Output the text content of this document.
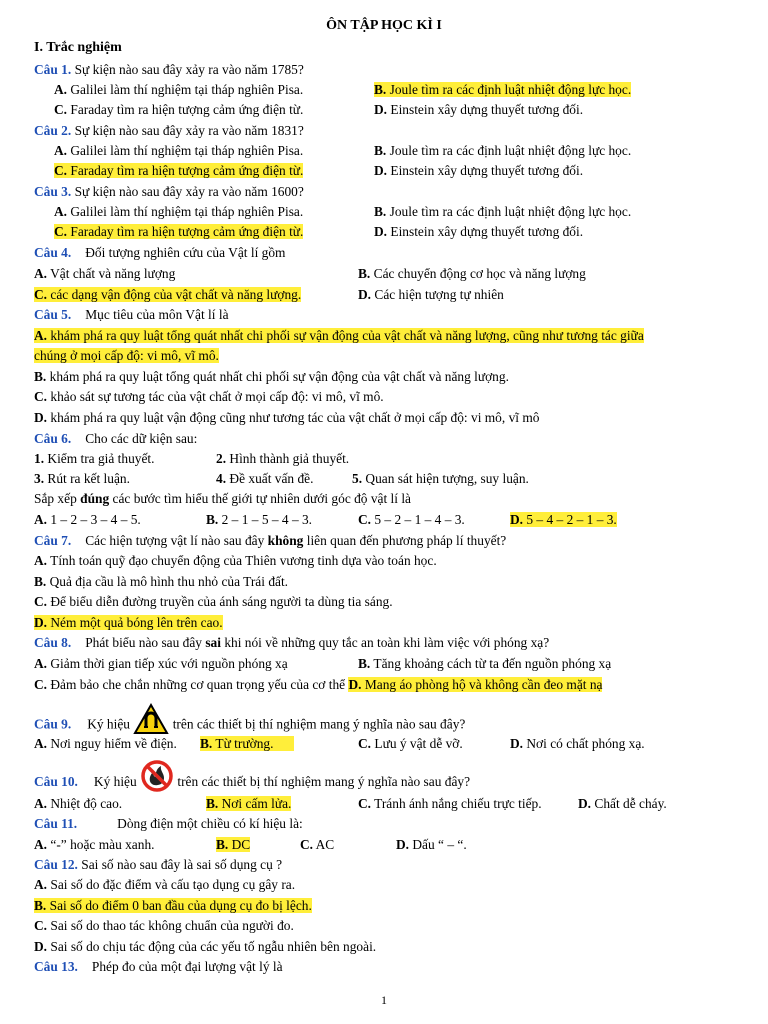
ÔN TẬP HỌC KÌ I
I. Trắc nghiệm
Câu 1. Sự kiện nào sau đây xảy ra vào năm 1785?
A. Galilei làm thí nghiệm tại tháp nghiên Pisa.	B. Joule tìm ra các định luật nhiệt động lực học.
C. Faraday tìm ra hiện tượng cảm ứng điện từ.	D. Einstein xây dựng thuyết tương đối.
Câu 2. Sự kiện nào sau đây xảy ra vào năm 1831?
A. Galilei làm thí nghiệm tại tháp nghiên Pisa.	B. Joule tìm ra các định luật nhiệt động lực học.
C. Faraday tìm ra hiện tượng cảm ứng điện từ.	D. Einstein xây dựng thuyết tương đối.
Câu 3. Sự kiện nào sau đây xảy ra vào năm 1600?
A. Galilei làm thí nghiệm tại tháp nghiên Pisa.	B. Joule tìm ra các định luật nhiệt động lực học.
C. Faraday tìm ra hiện tượng cảm ứng điện từ.	D. Einstein xây dựng thuyết tương đối.
Câu 4. Đối tượng nghiên cứu của Vật lí gồm
A. Vật chất và năng lượng	B. Các chuyển động cơ học và năng lượng
C. các dạng vận động của vật chất và năng lượng.	D. Các hiện tượng tự nhiên
Câu 5. Mục tiêu của môn Vật lí là
A. khám phá ra quy luật tổng quát nhất chi phối sự vận động của vật chất và năng lượng, cũng như tương tác giữa
chúng ở mọi cấp độ: vi mô, vĩ mô.
B. khám phá ra quy luật tổng quát nhất chi phối sự vận động của vật chất và năng lượng.
C. khảo sát sự tương tác của vật chất ở mọi cấp độ: vi mô, vĩ mô.
D. khám phá ra quy luật vận động cũng như tương tác của vật chất ở mọi cấp độ: vi mô, vĩ mô
Câu 6. Cho các dữ kiện sau:
1. Kiểm tra giả thuyết.	2. Hình thành giả thuyết.
3. Rút ra kết luận.	4. Đề xuất vấn đề.	5. Quan sát hiện tượng, suy luận.
Sắp xếp đúng các bước tìm hiểu thế giới tự nhiên dưới góc độ vật lí là
A. 1 – 2 – 3 – 4 – 5.	B. 2 – 1 – 5 – 4 – 3.	C. 5 – 2 – 1 – 4 – 3.	D. 5 – 4 – 2 – 1 – 3.
Câu 7. Các hiện tượng vật lí nào sau đây không liên quan đến phương pháp lí thuyết?
A. Tính toán quỹ đạo chuyển động của Thiên vương tinh dựa vào toán học.
B. Quả địa cầu là mô hình thu nhỏ của Trái đất.
C. Để biểu diễn đường truyền của ánh sáng người ta dùng tia sáng.
D. Ném một quả bóng lên trên cao.
Câu 8. Phát biểu nào sau đây sai khi nói về những quy tắc an toàn khi làm việc với phóng xạ?
A. Giảm thời gian tiếp xúc với nguồn phóng xạ	B. Tăng khoảng cách từ ta đến nguồn phóng xạ
C. Đảm bảo che chắn những cơ quan trọng yếu của cơ thể D. Mang áo phòng hộ và không cần đeo mặt nạ
Câu 9. Ký hiệu	trên các thiết bị thí nghiệm mang ý nghĩa nào sau đây?
A. Nơi nguy hiểm về điện. B. Từ trường.	C. Lưu ý vật dễ vỡ.	D. Nơi có chất phóng xạ.
Câu 10. Ký hiệu	trên các thiết bị thí nghiệm mang ý nghĩa nào sau đây?
A. Nhiệt độ cao.	B. Nơi cấm lửa.	C. Tránh ánh nắng chiếu trực tiếp.	D. Chất dễ cháy.
Câu 11.	Dòng điện một chiều có kí hiệu là:
A. “-” hoặc màu xanh.	B. DC	C. AC	D. Dấu “ – “.
Câu 12. Sai số nào sau đây là sai số dụng cụ ?
A. Sai số do đặc điểm và cấu tạo dụng cụ gây ra.
B. Sai số do điểm 0 ban đầu của dụng cụ đo bị lệch.
C. Sai số do thao tác không chuẩn của người đo.
D. Sai số do chịu tác động của các yếu tố ngẫu nhiên bên ngoài.
Câu 13. Phép đo của một đại lượng vật lý là
1
